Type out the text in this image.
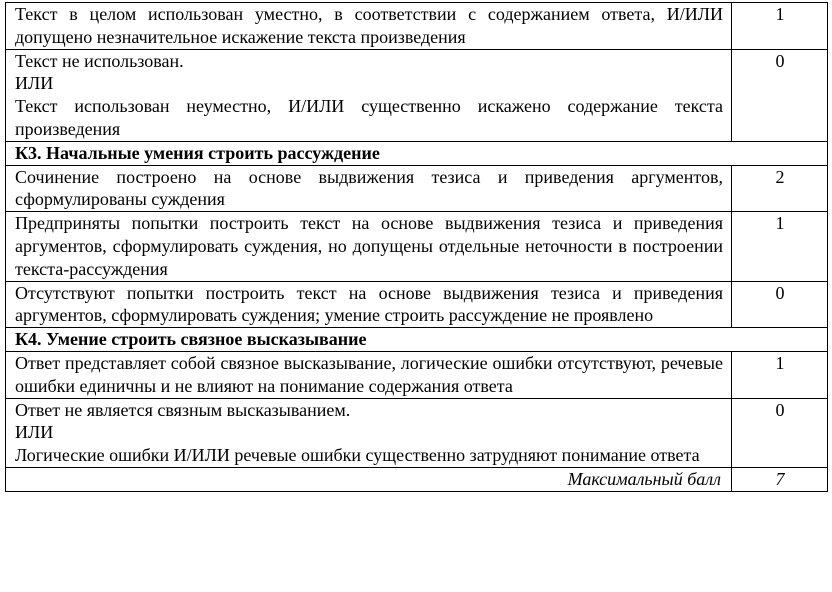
Текст в целом использован уместно, в соответствии с содержанием ответа, И/ИЛИ допущено незначительное искажение текста произведения	1

Текст не использован.
ИЛИ
Текст использован неуместно, И/ИЛИ существенно искажено содержание текста произведения	0
К3. Начальные умения строить рассуждение	

Сочинение построено на основе выдвижения тезиса и приведения аргументов, сформулированы суждения	2

Предприняты попытки построить текст на основе выдвижения тезиса и приведения аргументов, сформулировать суждения, но допущены отдельные неточности в построении текста-рассуждения	1

Отсутствуют попытки построить текст на основе выдвижения тезиса и приведения аргументов, сформулировать суждения; умение строить рассуждение не проявлено	0
К4. Умение строить связное высказывание	

Ответ представляет собой связное высказывание, логические ошибки отсутствуют, речевые ошибки единичны и не влияют на понимание содержания ответа	1

Ответ не является связным высказыванием.
ИЛИ
Логические ошибки И/ИЛИ речевые ошибки существенно затрудняют понимание ответа	0
Максимальный балл	7
